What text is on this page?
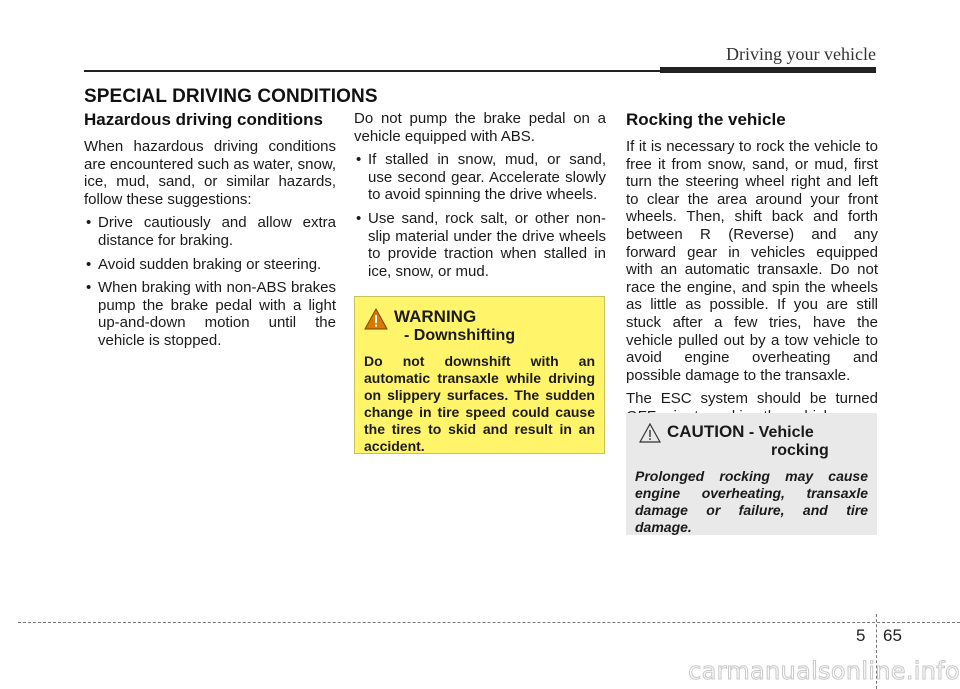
Driving your vehicle
SPECIAL DRIVING CONDITIONS
Hazardous driving conditions

When hazardous driving conditions are encountered such as water, snow, ice, mud, sand, or similar hazards, follow these suggestions:

• Drive cautiously and allow extra distance for braking.
• Avoid sudden braking or steering.
• When braking with non-ABS brakes pump the brake pedal with a light up-and-down motion until the vehicle is stopped.

Do not pump the brake pedal on a vehicle equipped with ABS.

• If stalled in snow, mud, or sand, use second gear. Accelerate slowly to avoid spinning the drive wheels.
• Use sand, rock salt, or other non-slip material under the drive wheels to provide traction when stalled in ice, snow, or mud.
WARNING
- Downshifting
Do not downshift with an automatic transaxle while driving on slippery surfaces. The sudden change in tire speed could cause the tires to skid and result in an accident.
Rocking the vehicle

If it is necessary to rock the vehicle to free it from snow, sand, or mud, first turn the steering wheel right and left to clear the area around your front wheels. Then, shift back and forth between R (Reverse) and any forward gear in vehicles equipped with an automatic transaxle. Do not race the engine, and spin the wheels as little as possible. If you are still stuck after a few tries, have the vehicle pulled out by a tow vehicle to avoid engine overheating and possible damage to the transaxle.

The ESC system should be turned

CAUTION - Vehicle
rocking
Prolonged rocking may cause engine overheating, transaxle damage or failure, and tire damage.
5 65
carmanualsonline.info
